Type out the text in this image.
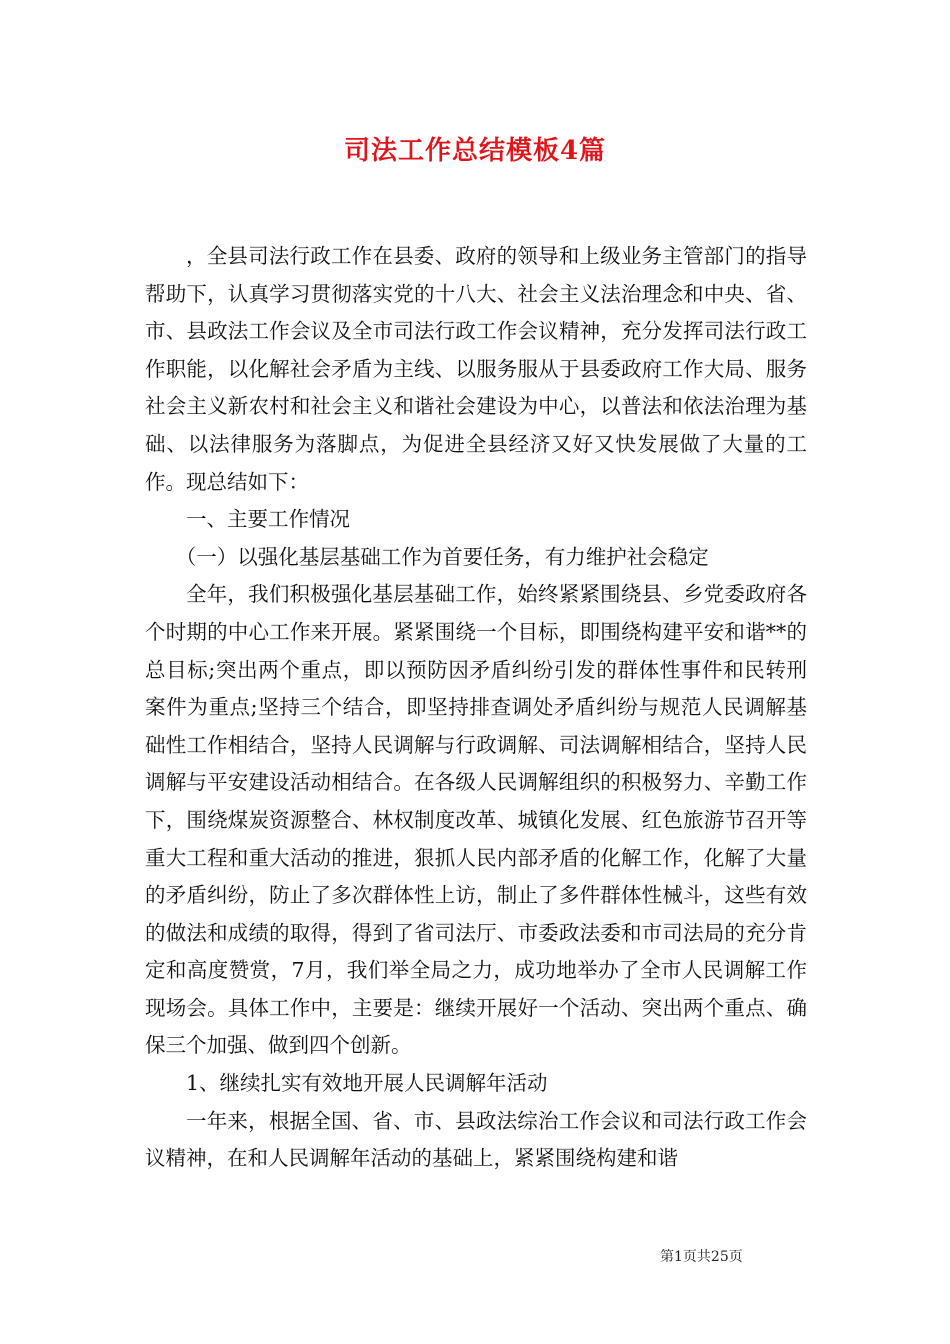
司法工作总结模板4篇

，全县司法行政工作在县委、政府的领导和上级业务主管部门的指导帮助下，认真学习贯彻落实党的十八大、社会主义法治理念和中央、省、市、县政法工作会议及全市司法行政工作会议精神，充分发挥司法行政工作职能，以化解社会矛盾为主线、以服务服从于县委政府工作大局、服务社会主义新农村和社会主义和谐社会建设为中心，以普法和依法治理为基础、以法律服务为落脚点，为促进全县经济又好又快发展做了大量的工作。现总结如下：

一、主要工作情况

（一）以强化基层基础工作为首要任务，有力维护社会稳定

全年，我们积极强化基层基础工作，始终紧紧围绕县、乡党委政府各个时期的中心工作来开展。紧紧围绕一个目标，即围绕构建平安和谐**的总目标;突出两个重点，即以预防因矛盾纠纷引发的群体性事件和民转刑案件为重点;坚持三个结合，即坚持排查调处矛盾纠纷与规范人民调解基础性工作相结合，坚持人民调解与行政调解、司法调解相结合，坚持人民调解与平安建设活动相结合。在各级人民调解组织的积极努力、辛勤工作下，围绕煤炭资源整合、林权制度改革、城镇化发展、红色旅游节召开等重大工程和重大活动的推进，狠抓人民内部矛盾的化解工作，化解了大量的矛盾纠纷，防止了多次群体性上访，制止了多件群体性械斗，这些有效的做法和成绩的取得，得到了省司法厅、市委政法委和市司法局的充分肯定和高度赞赏，7月，我们举全局之力，成功地举办了全市人民调解工作现场会。具体工作中，主要是：继续开展好一个活动、突出两个重点、确保三个加强、做到四个创新。

1、继续扎实有效地开展人民调解年活动

一年来，根据全国、省、市、县政法综治工作会议和司法行政工作会议精神，在和人民调解年活动的基础上，紧紧围绕构建和谐

第1页共25页
